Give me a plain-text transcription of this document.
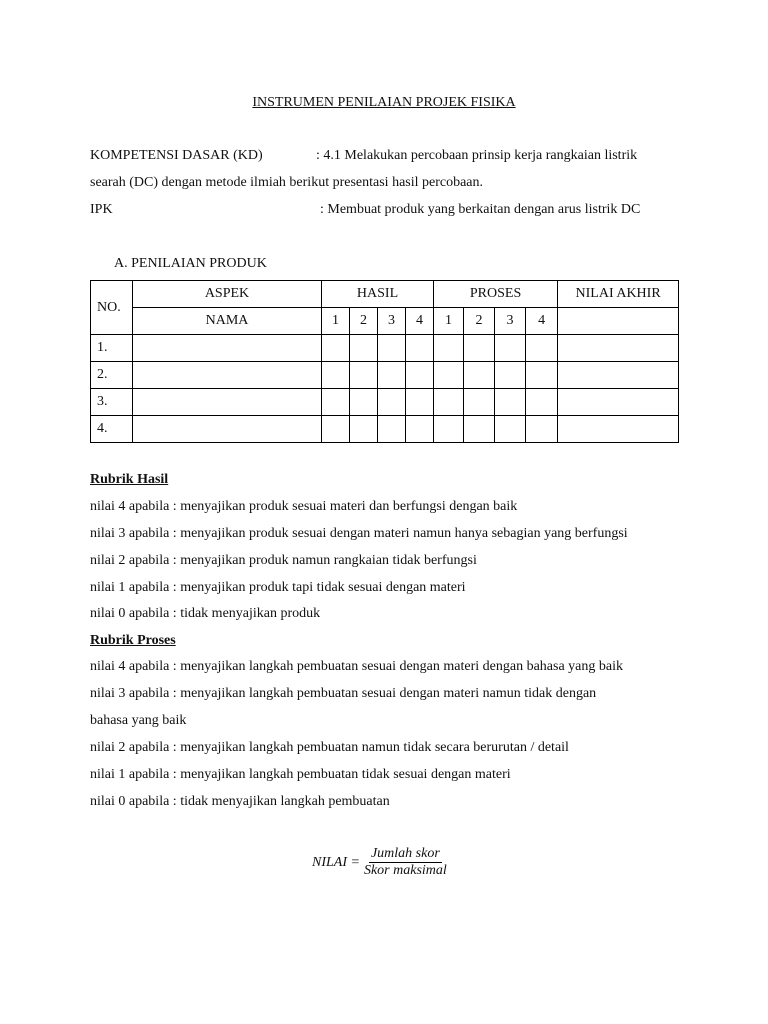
INSTRUMEN PENILAIAN PROJEK FISIKA
KOMPETENSI DASAR (KD)	: 4.1 Melakukan percobaan prinsip kerja rangkaian listrik
searah (DC) dengan metode ilmiah berikut presentasi hasil percobaan.
IPK	: Membuat produk yang berkaitan dengan arus listrik DC
A. PENILAIAN PRODUK
NO.	ASPEK	HASIL				PROSES				NILAI AKHIR
	NAMA	1	2	3	4	1	2	3	4	
1.										
2.										
3.										
4.										
Rubrik Hasil
nilai 4 apabila : menyajikan produk sesuai materi dan berfungsi dengan baik
nilai 3 apabila : menyajikan produk sesuai dengan materi namun hanya sebagian yang berfungsi
nilai 2 apabila : menyajikan produk namun rangkaian tidak berfungsi
nilai 1 apabila : menyajikan produk tapi tidak sesuai dengan materi
nilai 0 apabila : tidak menyajikan produk
Rubrik Proses
nilai 4 apabila : menyajikan langkah pembuatan sesuai dengan materi dengan bahasa yang baik
nilai 3 apabila : menyajikan langkah pembuatan sesuai dengan materi namun tidak dengan
bahasa yang baik
nilai 2 apabila : menyajikan langkah pembuatan namun tidak secara berurutan / detail
nilai 1 apabila : menyajikan langkah pembuatan tidak sesuai dengan materi
nilai 0 apabila : tidak menyajikan langkah pembuatan
NILAI = $\frac{\text{Jumlah skor}}{\text{Skor maksimal}}$
